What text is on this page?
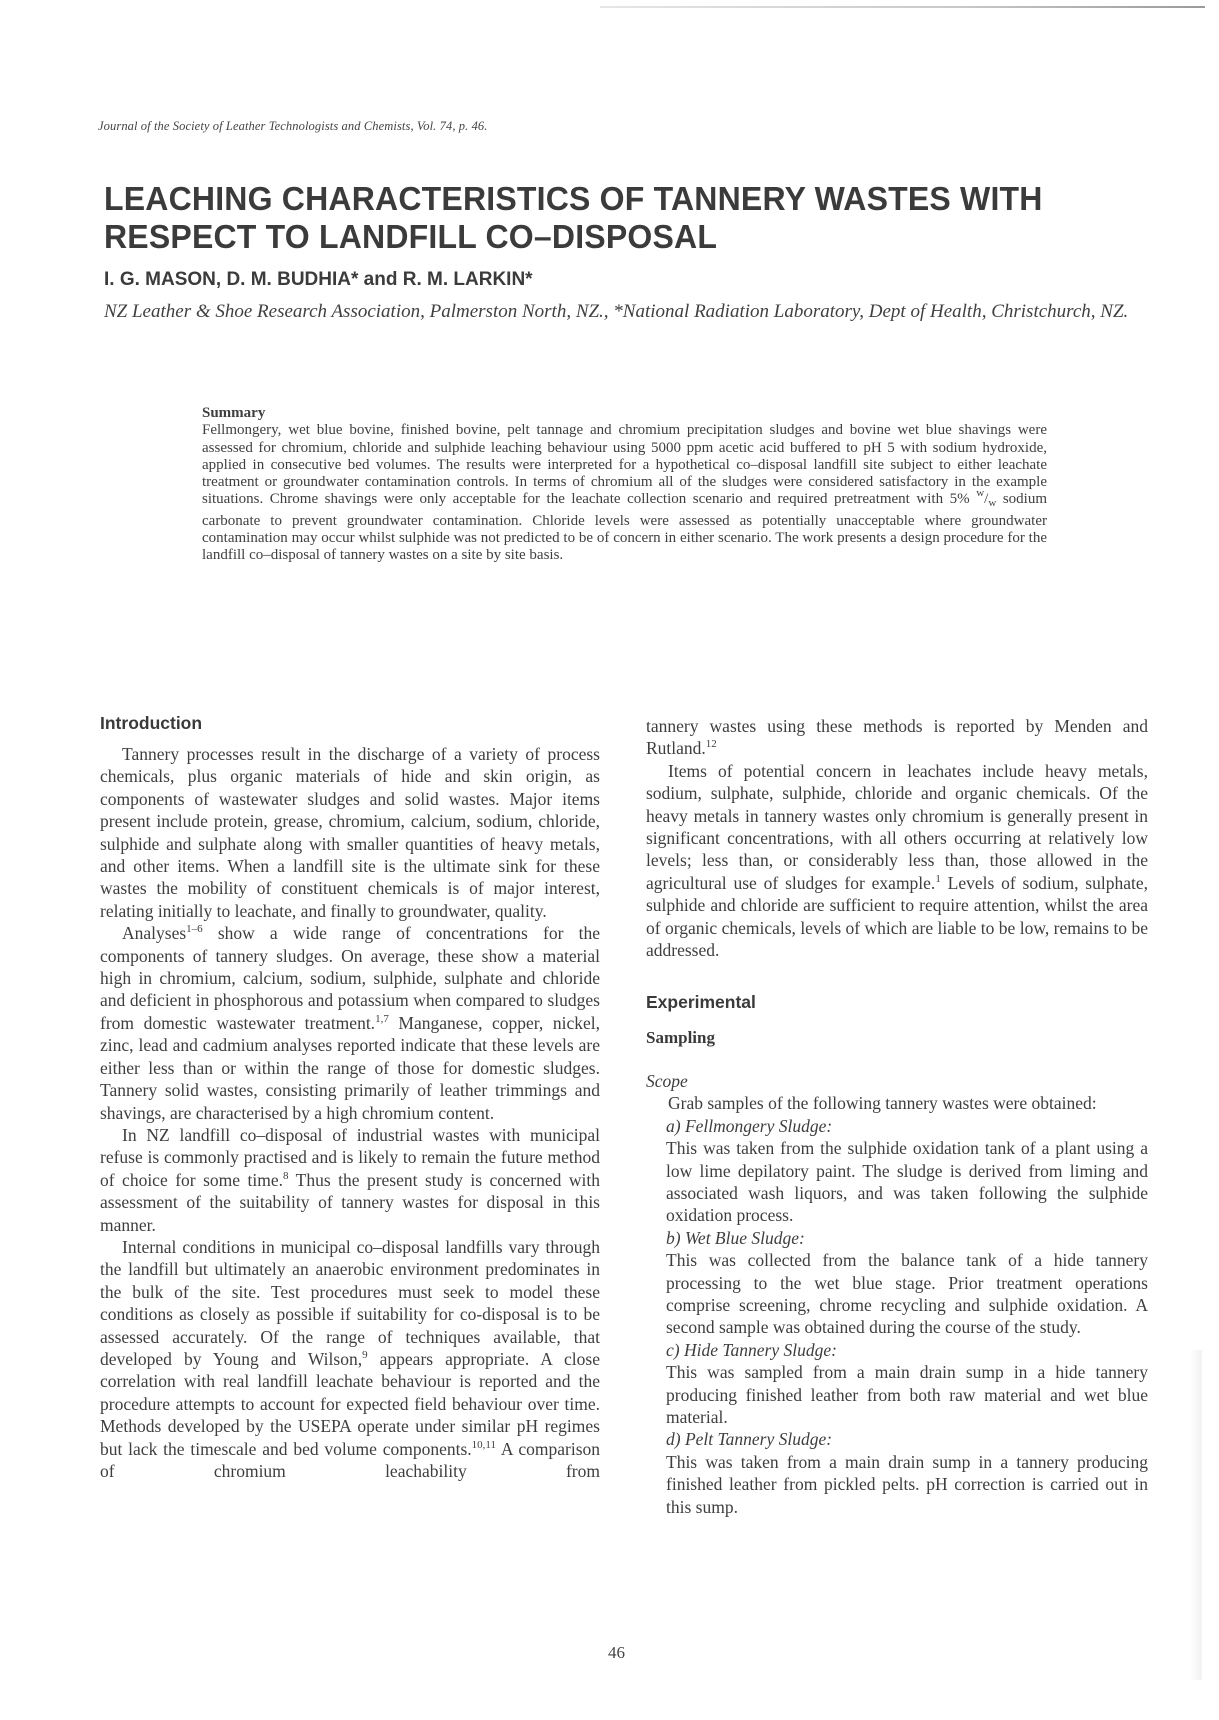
Journal of the Society of Leather Technologists and Chemists, Vol. 74, p. 46.
LEACHING CHARACTERISTICS OF TANNERY WASTES WITH RESPECT TO LANDFILL CO–DISPOSAL
I. G. MASON, D. M. BUDHIA* and R. M. LARKIN*
NZ Leather & Shoe Research Association, Palmerston North, NZ., *National Radiation Laboratory, Dept of Health, Christchurch, NZ.
Summary

Fellmongery, wet blue bovine, finished bovine, pelt tannage and chromium precipitation sludges and bovine wet blue shavings were assessed for chromium, chloride and sulphide leaching behaviour using 5000 ppm acetic acid buffered to pH 5 with sodium hydroxide, applied in consecutive bed volumes. The results were interpreted for a hypothetical co–disposal landfill site subject to either leachate treatment or groundwater contamination controls. In terms of chromium all of the sludges were considered satisfactory in the example situations. Chrome shavings were only acceptable for the leachate collection scenario and required pretreatment with 5% $^w/_w$ sodium carbonate to prevent groundwater contamination. Chloride levels were assessed as potentially unacceptable where groundwater contamination may occur whilst sulphide was not predicted to be of concern in either scenario. The work presents a design procedure for the landfill co–disposal of tannery wastes on a site by site basis.

Introduction

Tannery processes result in the discharge of a variety of process chemicals, plus organic materials of hide and skin origin, as components of wastewater sludges and solid wastes. Major items present include protein, grease, chromium, calcium, sodium, chloride, sulphide and sulphate along with smaller quantities of heavy metals, and other items. When a landfill site is the ultimate sink for these wastes the mobility of constituent chemicals is of major interest, relating initially to leachate, and finally to groundwater, quality.

Analyses$^{1-6}$ show a wide range of concentrations for the components of tannery sludges. On average, these show a material high in chromium, calcium, sodium, sulphide, sulphate and chloride and deficient in phosphorous and potassium when compared to sludges from domestic wastewater treatment.$^{1,7}$ Manganese, copper, nickel, zinc, lead and cadmium analyses reported indicate that these levels are either less than or within the range of those for domestic sludges. Tannery solid wastes, consisting primarily of leather trimmings and shavings, are characterised by a high chromium content.

In NZ landfill co–disposal of industrial wastes with municipal refuse is commonly practised and is likely to remain the future method of choice for some time.$^8$ Thus the present study is concerned with assessment of the suitability of tannery wastes for disposal in this manner.

Internal conditions in municipal co–disposal landfills vary through the landfill but ultimately an anaerobic environment predominates in the bulk of the site. Test procedures must seek to model these conditions as closely as possible if suitability for co-disposal is to be assessed accurately. Of the range of techniques available, that developed by Young and Wilson,$^9$ appears appropriate. A close correlation with real landfill leachate behaviour is reported and the procedure attempts to account for expected field behaviour over time. Methods developed by the USEPA operate under similar pH regimes but lack the timescale and bed volume components.$^{10,11}$ A comparison of chromium leachability from

tannery wastes using these methods is reported by Menden and Rutland.$^{12}$

Items of potential concern in leachates include heavy metals, sodium, sulphate, sulphide, chloride and organic chemicals. Of the heavy metals in tannery wastes only chromium is generally present in significant concentrations, with all others occurring at relatively low levels; less than, or considerably less than, those allowed in the agricultural use of sludges for example.$^1$ Levels of sodium, sulphate, sulphide and chloride are sufficient to require attention, whilst the area of organic chemicals, levels of which are liable to be low, remains to be addressed.

Experimental
Sampling

Scope

Grab samples of the following tannery wastes were obtained:

a) Fellmongery Sludge:

This was taken from the sulphide oxidation tank of a plant using a low lime depilatory paint. The sludge is derived from liming and associated wash liquors, and was taken following the sulphide oxidation process.

b) Wet Blue Sludge:

This was collected from the balance tank of a hide tannery processing to the wet blue stage. Prior treatment operations comprise screening, chrome recycling and sulphide oxidation. A second sample was obtained during the course of the study.

c) Hide Tannery Sludge:

This was sampled from a main drain sump in a hide tannery producing finished leather from both raw material and wet blue material.

d) Pelt Tannery Sludge:

This was taken from a main drain sump in a tannery producing finished leather from pickled pelts. pH correction is carried out in this sump.

46
